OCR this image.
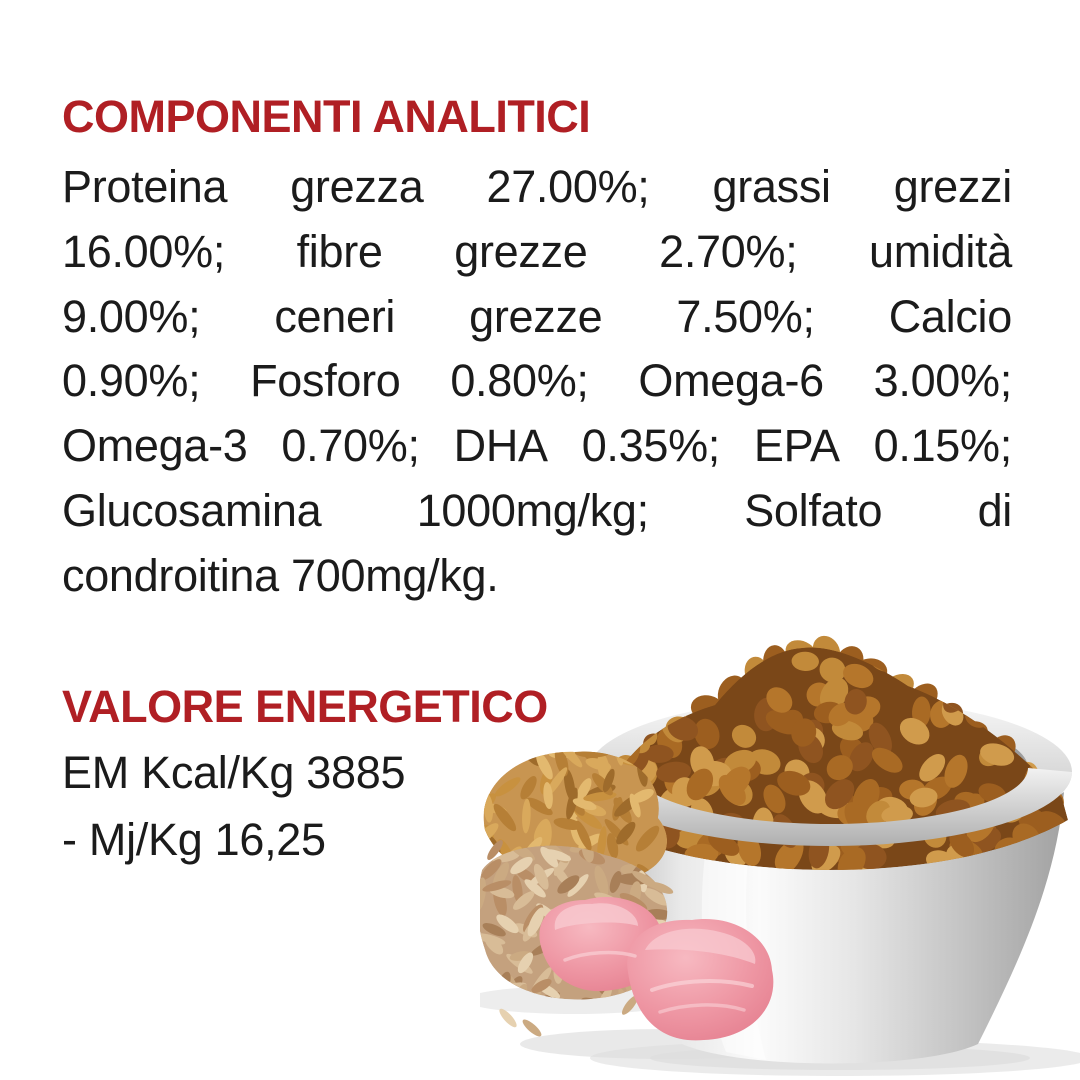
COMPONENTI ANALITICI
Proteina grezza 27.00%; grassi grezzi
16.00%; fibre grezze 2.70%; umidità
9.00%; ceneri grezze 7.50%; Calcio
0.90%; Fosforo 0.80%; Omega-6 3.00%;
Omega-3 0.70%; DHA 0.35%; EPA 0.15%;
Glucosamina 1000mg/kg; Solfato di
condroitina 700mg/kg.
VALORE ENERGETICO
EM Kcal/Kg 3885
- Mj/Kg 16,25
